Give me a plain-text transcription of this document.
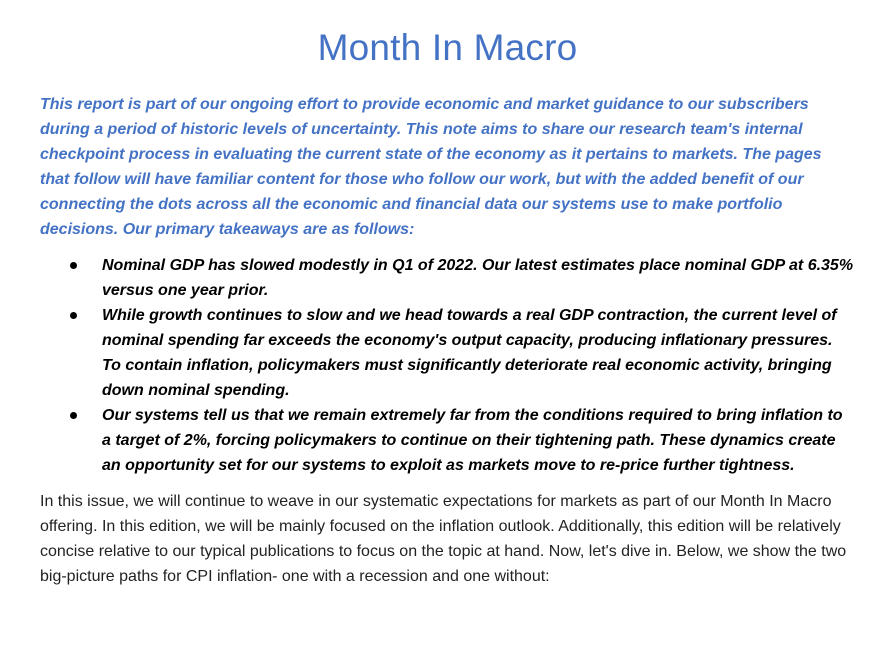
Month In Macro

This report is part of our ongoing effort to provide economic and market guidance to our subscribers during a period of historic levels of uncertainty. This note aims to share our research team's internal checkpoint process in evaluating the current state of the economy as it pertains to markets. The pages that follow will have familiar content for those who follow our work, but with the added benefit of our connecting the dots across all the economic and financial data our systems use to make portfolio decisions. Our primary takeaways are as follows:

Nominal GDP has slowed modestly in Q1 of 2022. Our latest estimates place nominal GDP at 6.35% versus one year prior.
While growth continues to slow and we head towards a real GDP contraction, the current level of nominal spending far exceeds the economy's output capacity, producing inflationary pressures. To contain inflation, policymakers must significantly deteriorate real economic activity, bringing down nominal spending.
Our systems tell us that we remain extremely far from the conditions required to bring inflation to a target of 2%, forcing policymakers to continue on their tightening path. These dynamics create an opportunity set for our systems to exploit as markets move to re-price further tightness.

In this issue, we will continue to weave in our systematic expectations for markets as part of our Month In Macro offering. In this edition, we will be mainly focused on the inflation outlook. Additionally, this edition will be relatively concise relative to our typical publications to focus on the topic at hand. Now, let's dive in. Below, we show the two big-picture paths for CPI inflation- one with a recession and one without:
